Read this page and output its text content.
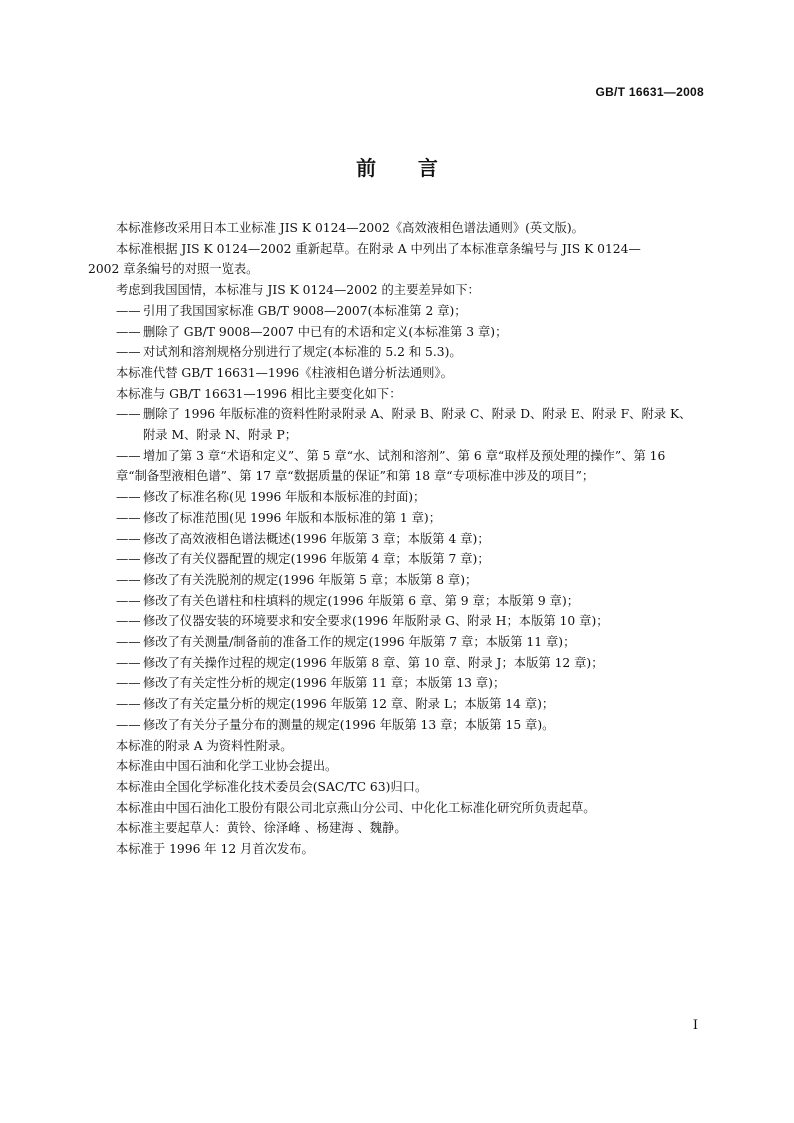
GB/T 16631—2008
前      言
本标准修改采用日本工业标准 JIS K 0124—2002《高效液相色谱法通则》(英文版)。
本标准根据 JIS K 0124—2002 重新起草。在附录 A 中列出了本标准章条编号与 JIS K 0124—
2002 章条编号的对照一览表。
考虑到我国国情，本标准与 JIS K 0124—2002 的主要差异如下：
—— 引用了我国国家标准 GB/T 9008—2007(本标准第 2 章)；
—— 删除了 GB/T 9008—2007 中已有的术语和定义(本标准第 3 章)；
—— 对试剂和溶剂规格分别进行了规定(本标准的 5.2 和 5.3)。
本标准代替 GB/T 16631—1996《柱液相色谱分析法通则》。
本标准与 GB/T 16631—1996 相比主要变化如下：
—— 删除了 1996 年版标准的资料性附录附录 A、附录 B、附录 C、附录 D、附录 E、附录 F、附录 K、
附录 M、附录 N、附录 P；
—— 增加了第 3 章“术语和定义”、第 5 章“水、试剂和溶剂”、第 6 章“取样及预处理的操作”、第 16
章“制备型液相色谱”、第 17 章“数据质量的保证”和第 18 章“专项标准中涉及的项目”；
—— 修改了标准名称(见 1996 年版和本版标准的封面)；
—— 修改了标准范围(见 1996 年版和本版标准的第 1 章)；
—— 修改了高效液相色谱法概述(1996 年版第 3 章；本版第 4 章)；
—— 修改了有关仪器配置的规定(1996 年版第 4 章；本版第 7 章)；
—— 修改了有关洗脱剂的规定(1996 年版第 5 章；本版第 8 章)；
—— 修改了有关色谱柱和柱填料的规定(1996 年版第 6 章、第 9 章；本版第 9 章)；
—— 修改了仪器安装的环境要求和安全要求(1996 年版附录 G、附录 H；本版第 10 章)；
—— 修改了有关测量/制备前的准备工作的规定(1996 年版第 7 章；本版第 11 章)；
—— 修改了有关操作过程的规定(1996 年版第 8 章、第 10 章、附录 J；本版第 12 章)；
—— 修改了有关定性分析的规定(1996 年版第 11 章；本版第 13 章)；
—— 修改了有关定量分析的规定(1996 年版第 12 章、附录 L；本版第 14 章)；
—— 修改了有关分子量分布的测量的规定(1996 年版第 13 章；本版第 15 章)。
本标准的附录 A 为资料性附录。
本标准由中国石油和化学工业协会提出。
本标准由全国化学标准化技术委员会(SAC/TC 63)归口。
本标准由中国石油化工股份有限公司北京燕山分公司、中化化工标准化研究所负责起草。
本标准主要起草人：黄铃、徐泽峰 、杨建海 、魏静。
本标准于 1996 年 12 月首次发布。
I
